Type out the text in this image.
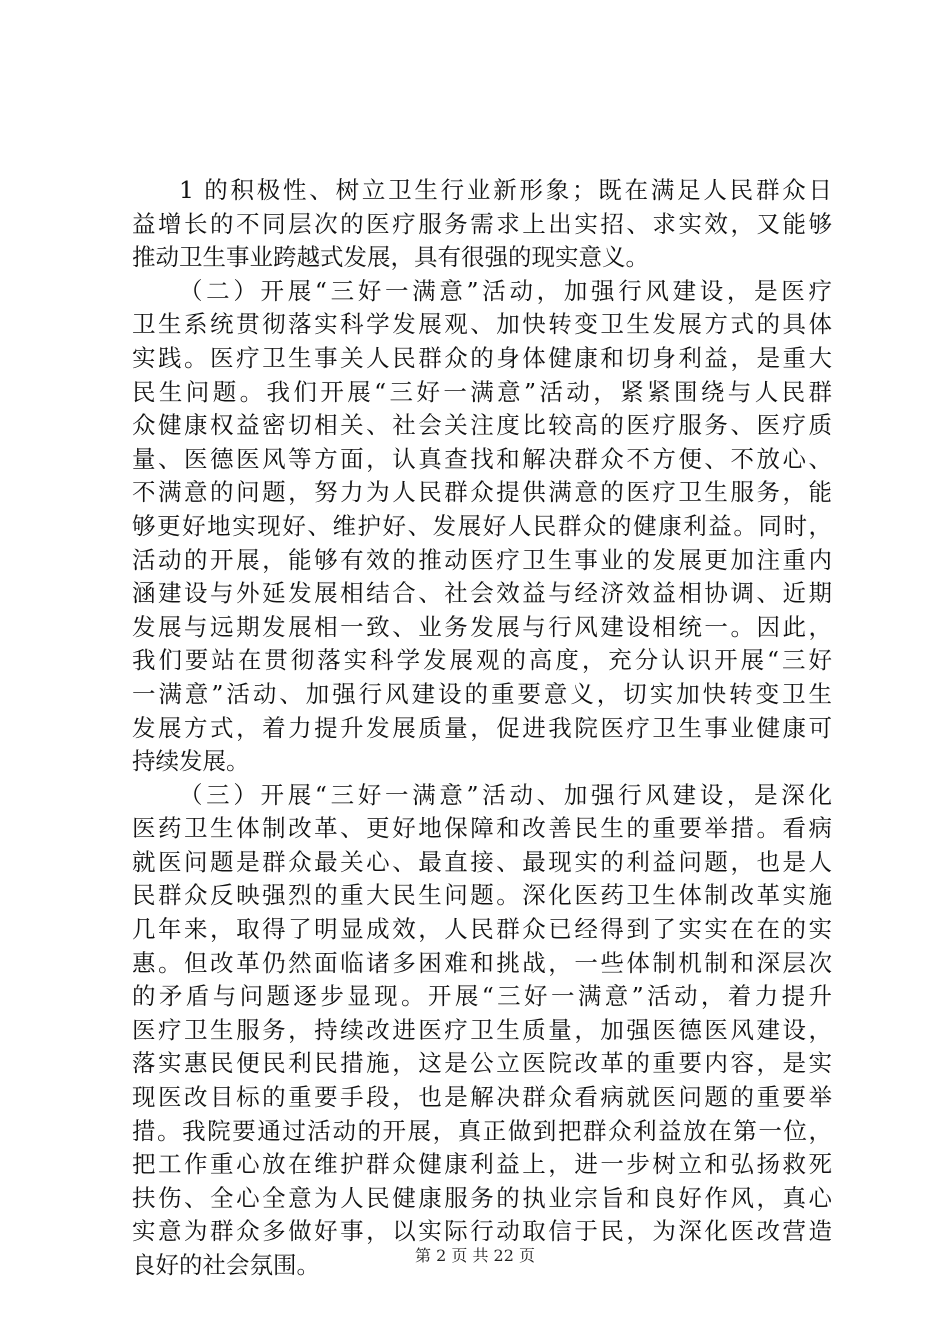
1 的积极性、树立卫生行业新形象；既在满足人民群众日
益增长的不同层次的医疗服务需求上出实招、求实效，又能够
推动卫生事业跨越式发展，具有很强的现实意义。
（二）开展“三好一满意”活动，加强行风建设，是医疗
卫生系统贯彻落实科学发展观、加快转变卫生发展方式的具体
实践。医疗卫生事关人民群众的身体健康和切身利益，是重大
民生问题。我们开展“三好一满意”活动，紧紧围绕与人民群
众健康权益密切相关、社会关注度比较高的医疗服务、医疗质
量、医德医风等方面，认真查找和解决群众不方便、不放心、
不满意的问题，努力为人民群众提供满意的医疗卫生服务，能
够更好地实现好、维护好、发展好人民群众的健康利益。同时，
活动的开展，能够有效的推动医疗卫生事业的发展更加注重内
涵建设与外延发展相结合、社会效益与经济效益相协调、近期
发展与远期发展相一致、业务发展与行风建设相统一。因此，
我们要站在贯彻落实科学发展观的高度，充分认识开展“三好
一满意”活动、加强行风建设的重要意义，切实加快转变卫生
发展方式，着力提升发展质量，促进我院医疗卫生事业健康可
持续发展。
（三）开展“三好一满意”活动、加强行风建设，是深化
医药卫生体制改革、更好地保障和改善民生的重要举措。看病
就医问题是群众最关心、最直接、最现实的利益问题，也是人
民群众反映强烈的重大民生问题。深化医药卫生体制改革实施
几年来，取得了明显成效，人民群众已经得到了实实在在的实
惠。但改革仍然面临诸多困难和挑战，一些体制机制和深层次
的矛盾与问题逐步显现。开展“三好一满意”活动，着力提升
医疗卫生服务，持续改进医疗卫生质量，加强医德医风建设，
落实惠民便民利民措施，这是公立医院改革的重要内容，是实
现医改目标的重要手段，也是解决群众看病就医问题的重要举
措。我院要通过活动的开展，真正做到把群众利益放在第一位，
把工作重心放在维护群众健康利益上，进一步树立和弘扬救死
扶伤、全心全意为人民健康服务的执业宗旨和良好作风，真心
实意为群众多做好事，以实际行动取信于民，为深化医改营造
良好的社会氛围。	第 2 页 共 22 页
